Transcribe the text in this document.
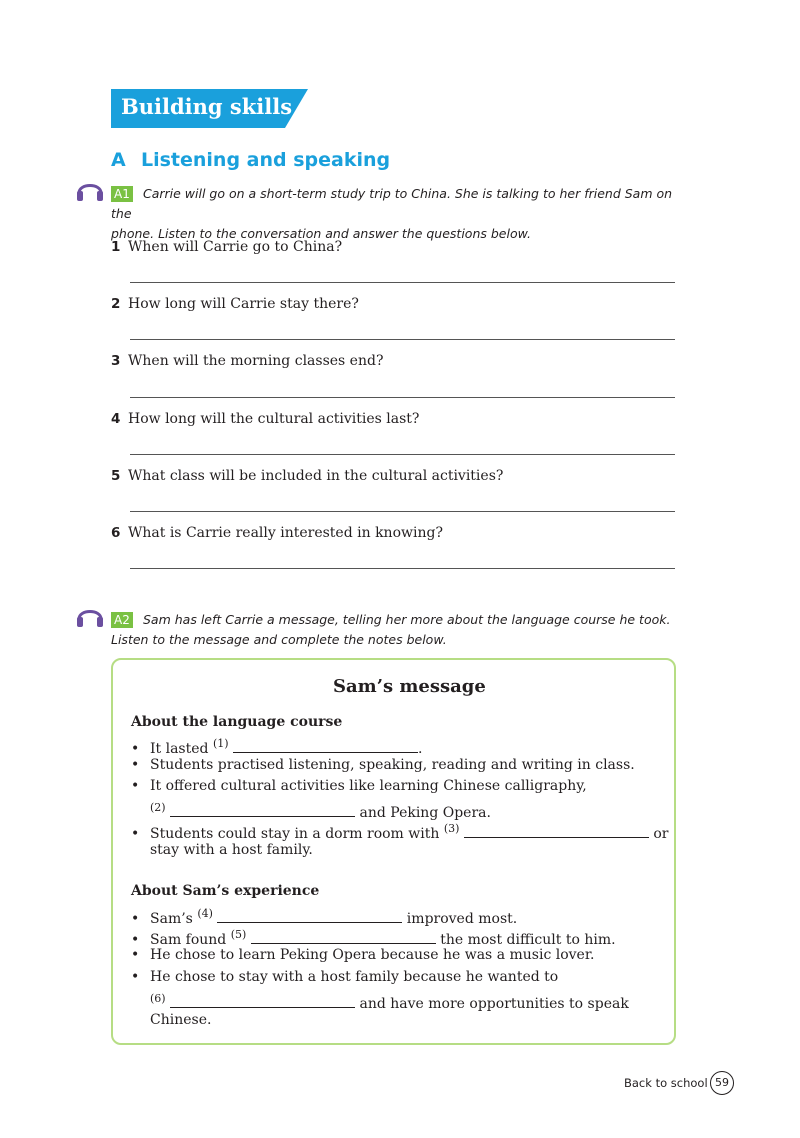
Building skills
A Listening and speaking
A1	Carrie will go on a short-term study trip to China. She is talking to her friend Sam on the
phone. Listen to the conversation and answer the questions below.
1 When will Carrie go to China?
2 How long will Carrie stay there?
3 When will the morning classes end?
4 How long will the cultural activities last?
5 What class will be included in the cultural activities?
6 What is Carrie really interested in knowing?
A2	Sam has left Carrie a message, telling her more about the language course he took.
Listen to the message and complete the notes below.
Sam’s message
About the language course
• It lasted $^{(1)}$	.
• Students practised listening, speaking, reading and writing in class.
• It offered cultural activities like learning Chinese calligraphy,
$^{(2)}$	and Peking Opera.
• Students could stay in a dorm room with $^{(3)}$	or
stay with a host family.
About Sam’s experience
• Sam’s $^{(4)}$	improved most.
• Sam found $^{(5)}$	the most difficult to him.
• He chose to learn Peking Opera because he was a music lover.
• He chose to stay with a host family because he wanted to
$^{(6)}$	and have more opportunities to speak
Chinese.
Back to school 59
